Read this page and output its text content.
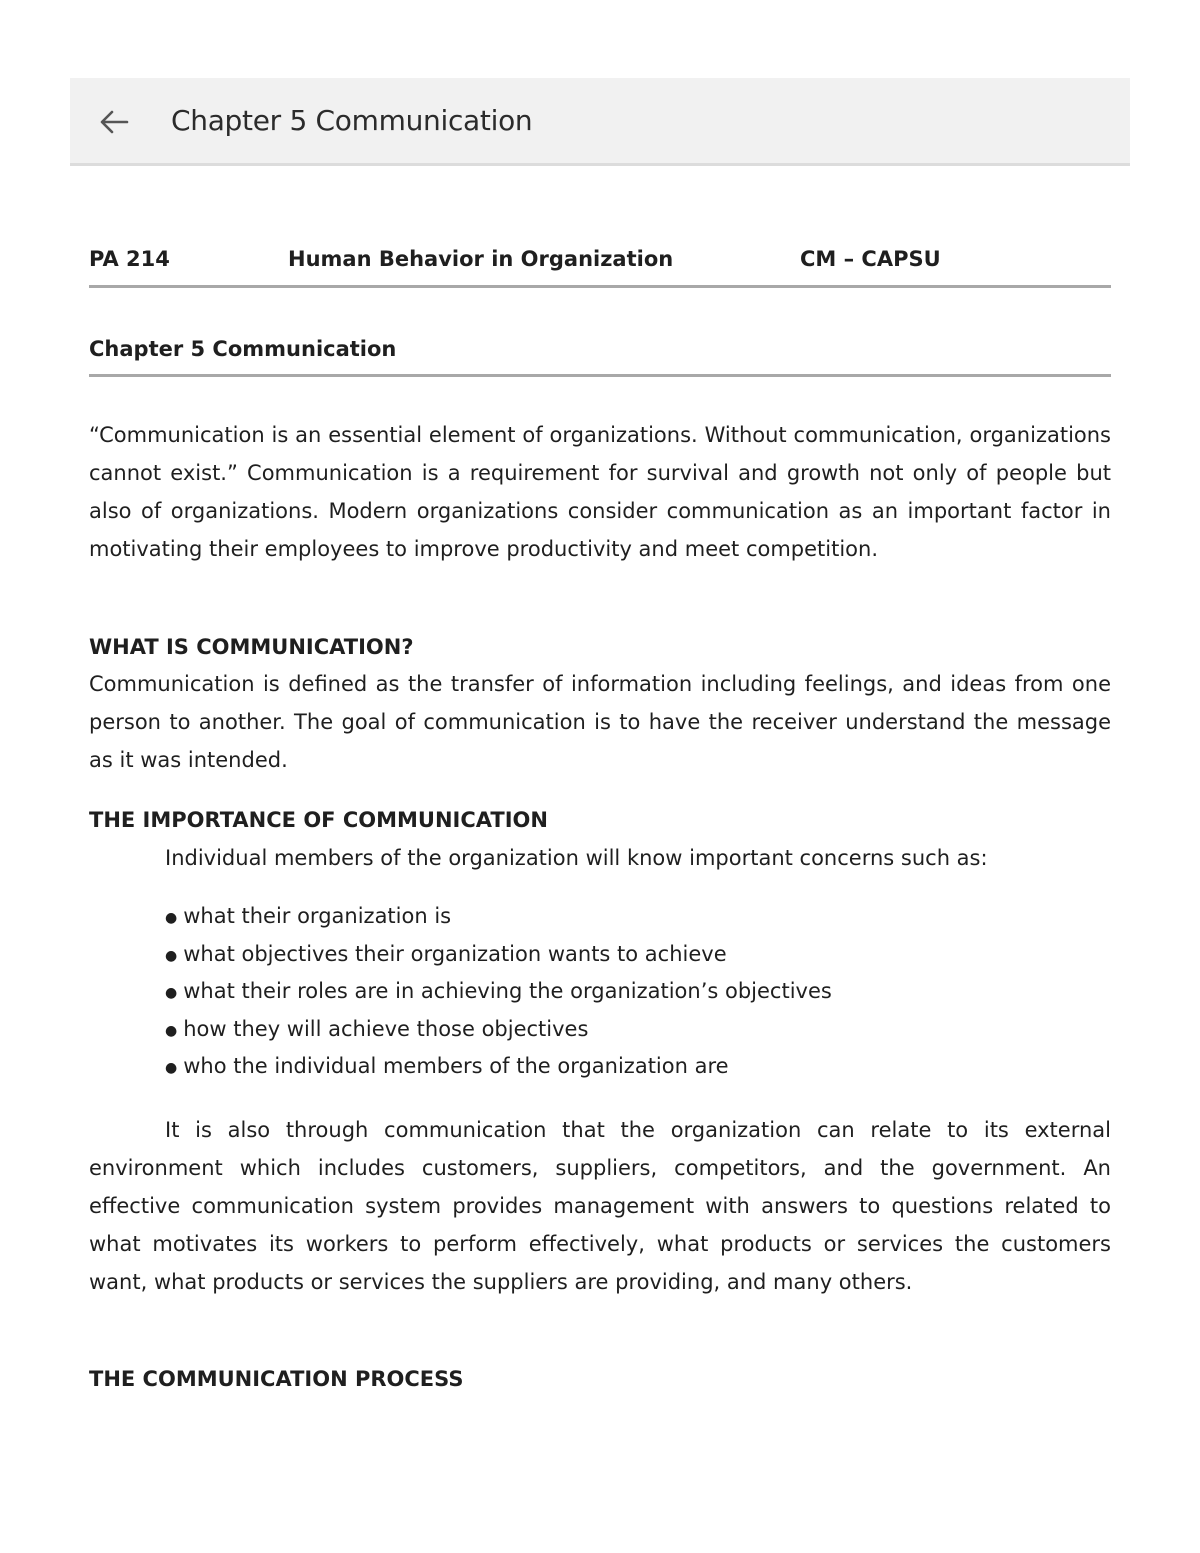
Chapter 5 Communication
PA 214	Human Behavior in Organization	CM – CAPSU
Chapter 5 Communication

“Communication is an essential element of organizations. Without communication, organizations cannot exist.” Communication is a requirement for survival and growth not only of people but also of organizations. Modern organizations consider communication as an important factor in motivating their employees to improve productivity and meet competition.

WHAT IS COMMUNICATION?

Communication is defined as the transfer of information including feelings, and ideas from one person to another. The goal of communication is to have the receiver understand the message as it was intended.

THE IMPORTANCE OF COMMUNICATION
Individual members of the organization will know important concerns such as:
● what their organization is
● what objectives their organization wants to achieve
● what their roles are in achieving the organization’s objectives
● how they will achieve those objectives
● who the individual members of the organization are

It is also through communication that the organization can relate to its external environment which includes customers, suppliers, competitors, and the government. An effective communication system provides management with answers to questions related to what motivates its workers to perform effectively, what products or services the customers want, what products or services the suppliers are providing, and many others.

THE COMMUNICATION PROCESS
